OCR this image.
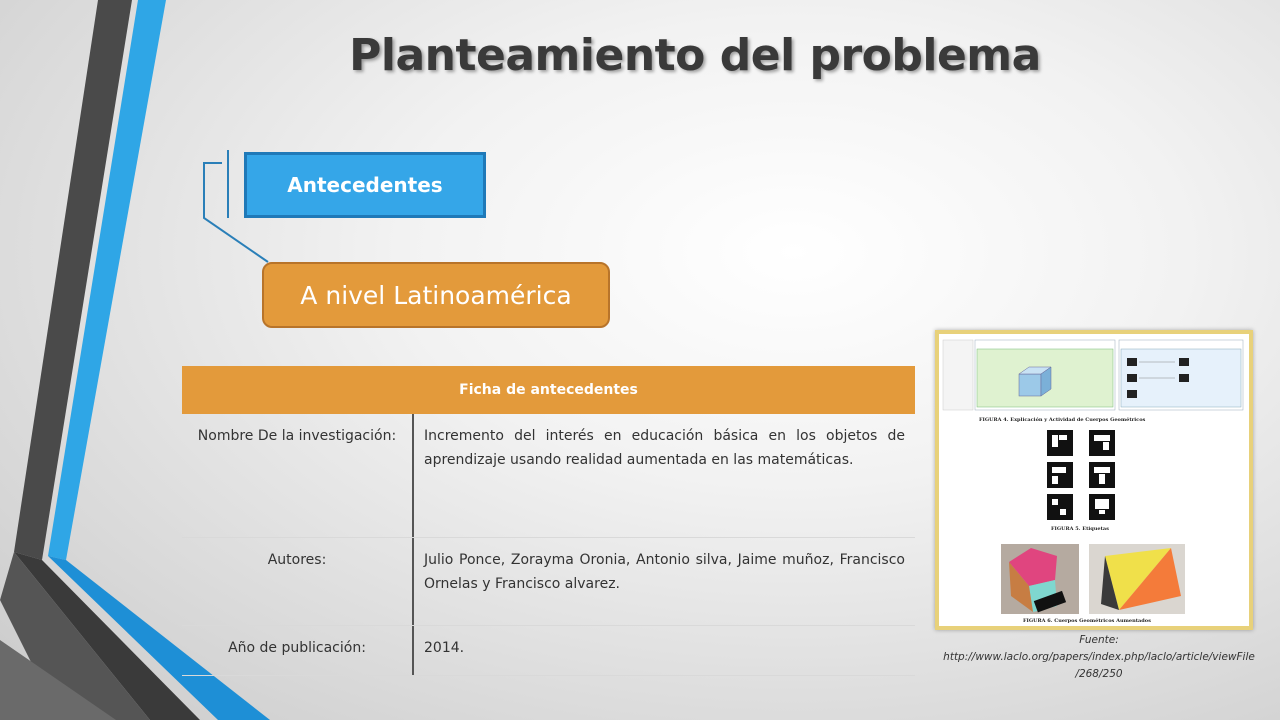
Planteamiento del problema
Antecedentes
A nivel Latinoamérica
Ficha de antecedentes
Nombre De la investigación:	Incremento del interés en educación básica en los objetos de aprendizaje usando realidad aumentada en las matemáticas.
Autores:	Julio Ponce, Zorayma Oronia, Antonio silva, Jaime muñoz, Francisco Ornelas y Francisco alvarez.
Año de publicación:	2014.
FIGURA 4. Explicación y Actividad de Cuerpos Geométricos
FIGURA 5. Etiquetas
FIGURA 6. Cuerpos Geométricos Aumentados
Fuente:
http://www.laclo.org/papers/index.php/laclo/article/viewFile
/268/250
